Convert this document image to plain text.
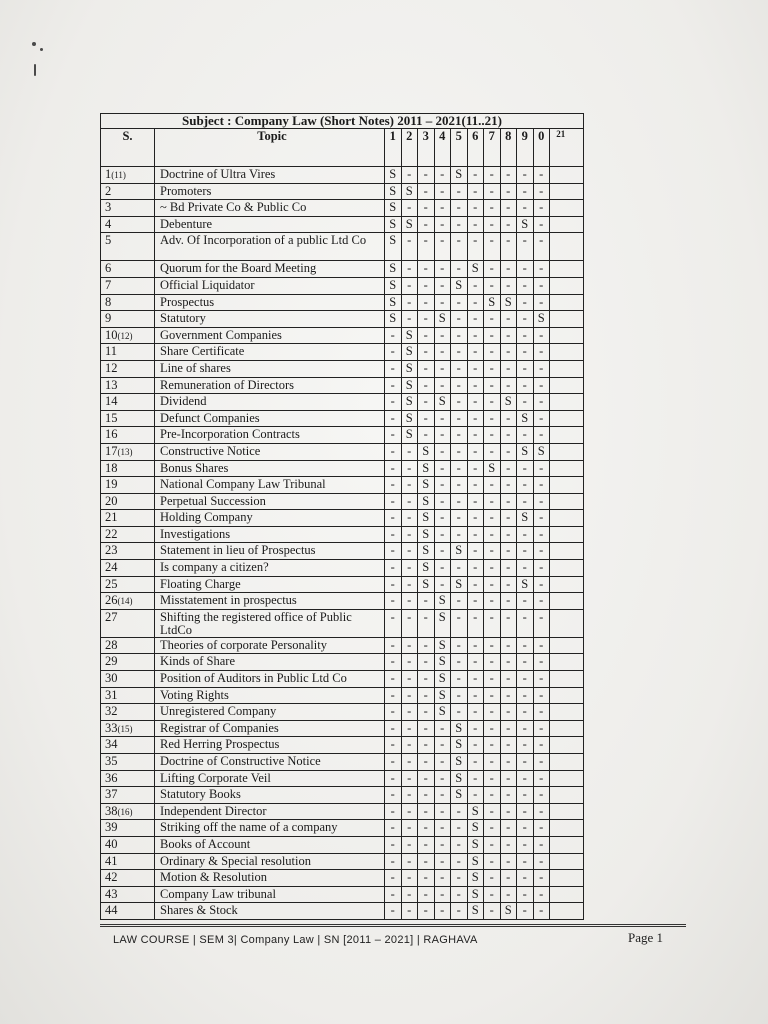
Subject : Company Law (Short Notes) 2011 – 2021(11..21)
S.	Topic	1 2 3 4 5 6 7 8 9 0	21
1(11)	Doctrine of Ultra Vires	S - - - S - - - - -
2	Promoters	S S - - - - - - - -
3	~ Bd Private Co & Public Co	S - - - - - - - - -
4	Debenture	S S - - - - - - S -
5	Adv. Of Incorporation of a public Ltd Co	S - - - - - - - - -
6	Quorum for the Board Meeting	S - - - - S - - - -
7	Official Liquidator	S - - - S - - - - -
8	Prospectus	S - - - - - S S - -
9	Statutory	S - - S - - - - - S
10(12)	Government Companies	- S - - - - - - - -
11	Share Certificate	- S - - - - - - - -
12	Line of shares	- S - - - - - - - -
13	Remuneration of Directors	- S - - - - - - - -
14	Dividend	- S - S - - - S - -
15	Defunct Companies	- S - - - - - - S -
16	Pre-Incorporation Contracts	- S - - - - - - - -
17(13)	Constructive Notice	- - S - - - - - S S
18	Bonus Shares	- - S - - - S - - -
19	National Company Law Tribunal	- - S - - - - - - -
20	Perpetual Succession	- - S - - - - - - -
21	Holding Company	- - S - - - - - S -
22	Investigations	- - S - - - - - - -
23	Statement in lieu of Prospectus	- - S - S - - - - -
24	Is company a citizen?	- - S - - - - - - -
25	Floating Charge	- - S - S - - - S -
26(14)	Misstatement in prospectus	- - - S - - - - - -
27	Shifting the registered office of Public LtdCo
- - - S - - - - - -
28	Theories of corporate Personality	- - - S - - - - - -
29	Kinds of Share	- - - S - - - - - -
30	Position of Auditors in Public Ltd Co	- - - S - - - - - -
31	Voting Rights	- - - S - - - - - -
32	Unregistered Company	- - - S - - - - - -
33(15)	Registrar of Companies	- - - - S - - - - -
34	Red Herring Prospectus	- - - - S - - - - -
35	Doctrine of Constructive Notice	- - - - S - - - - -
36	Lifting Corporate Veil	- - - - S - - - - -
37	Statutory Books	- - - - S - - - - -
38(16)	Independent Director	- - - - - S - - - -
39	Striking off the name of a company	- - - - - S - - - -
40	Books of Account	- - - - - S - - - -
41	Ordinary & Special resolution	- - - - - S - - - -
42	Motion & Resolution	- - - - - S - - - -
43	Company Law tribunal	- - - - - S - - - -
44	Shares & Stock	- - - - - S - S - -
LAW COURSE | SEM 3| Company Law | SN [2011 – 2021] | RAGHAVA	Page 1
